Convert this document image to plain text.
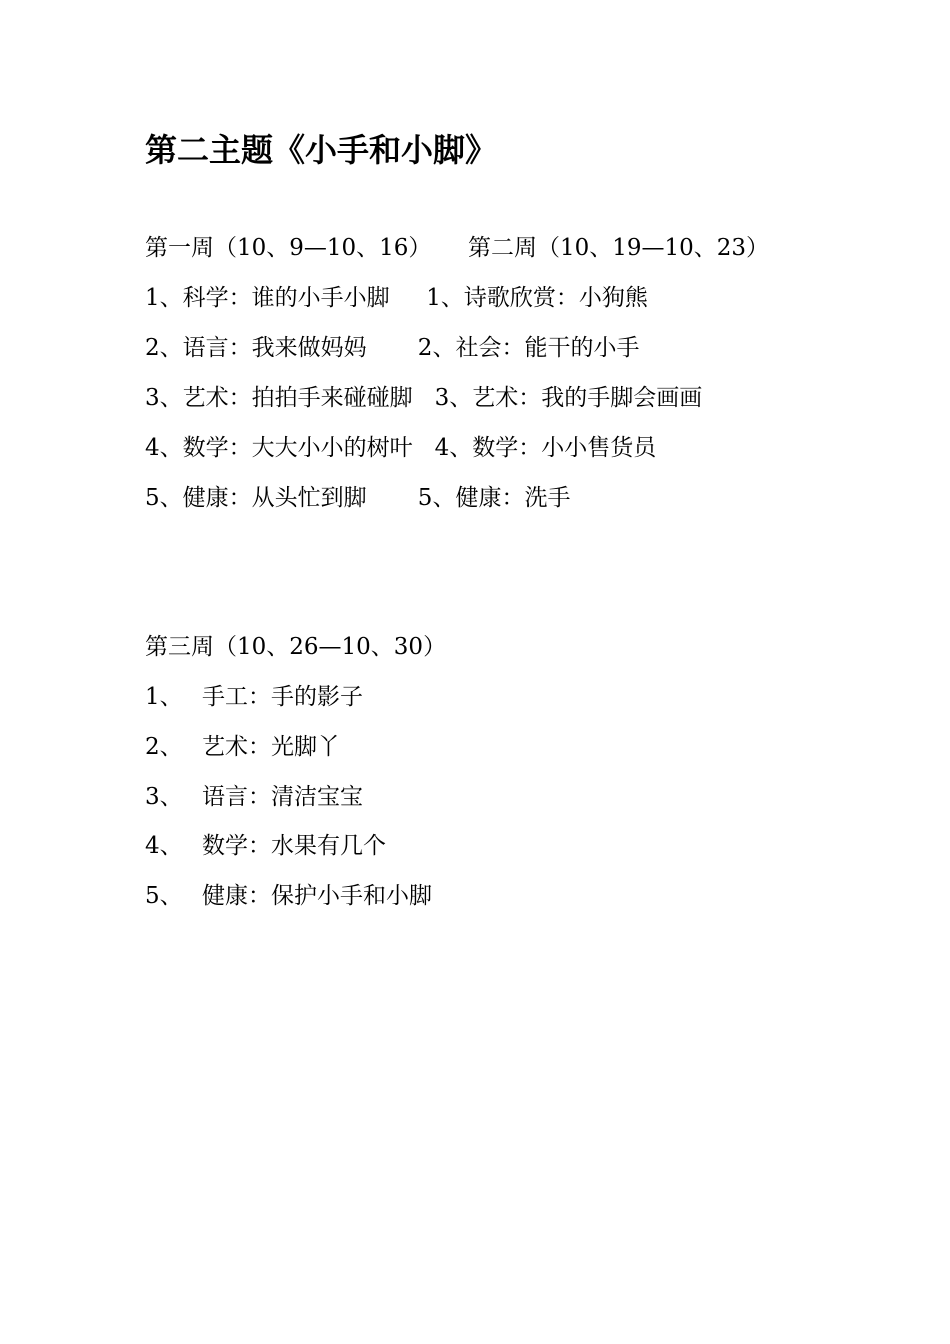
第二主题《小手和小脚》
第一周（10、9—10、16）     第二周（10、19—10、23）
1、科学：谁的小手小脚     1、诗歌欣赏：小狗熊
2、语言：我来做妈妈       2、社会：能干的小手
3、艺术：拍拍手来碰碰脚   3、艺术：我的手脚会画画
4、数学：大大小小的树叶   4、数学：小小售货员
5、健康：从头忙到脚       5、健康：洗手
第三周（10、26—10、30）
1、 手工：手的影子
2、 艺术：光脚丫
3、 语言：清洁宝宝
4、 数学：水果有几个
5、 健康：保护小手和小脚
